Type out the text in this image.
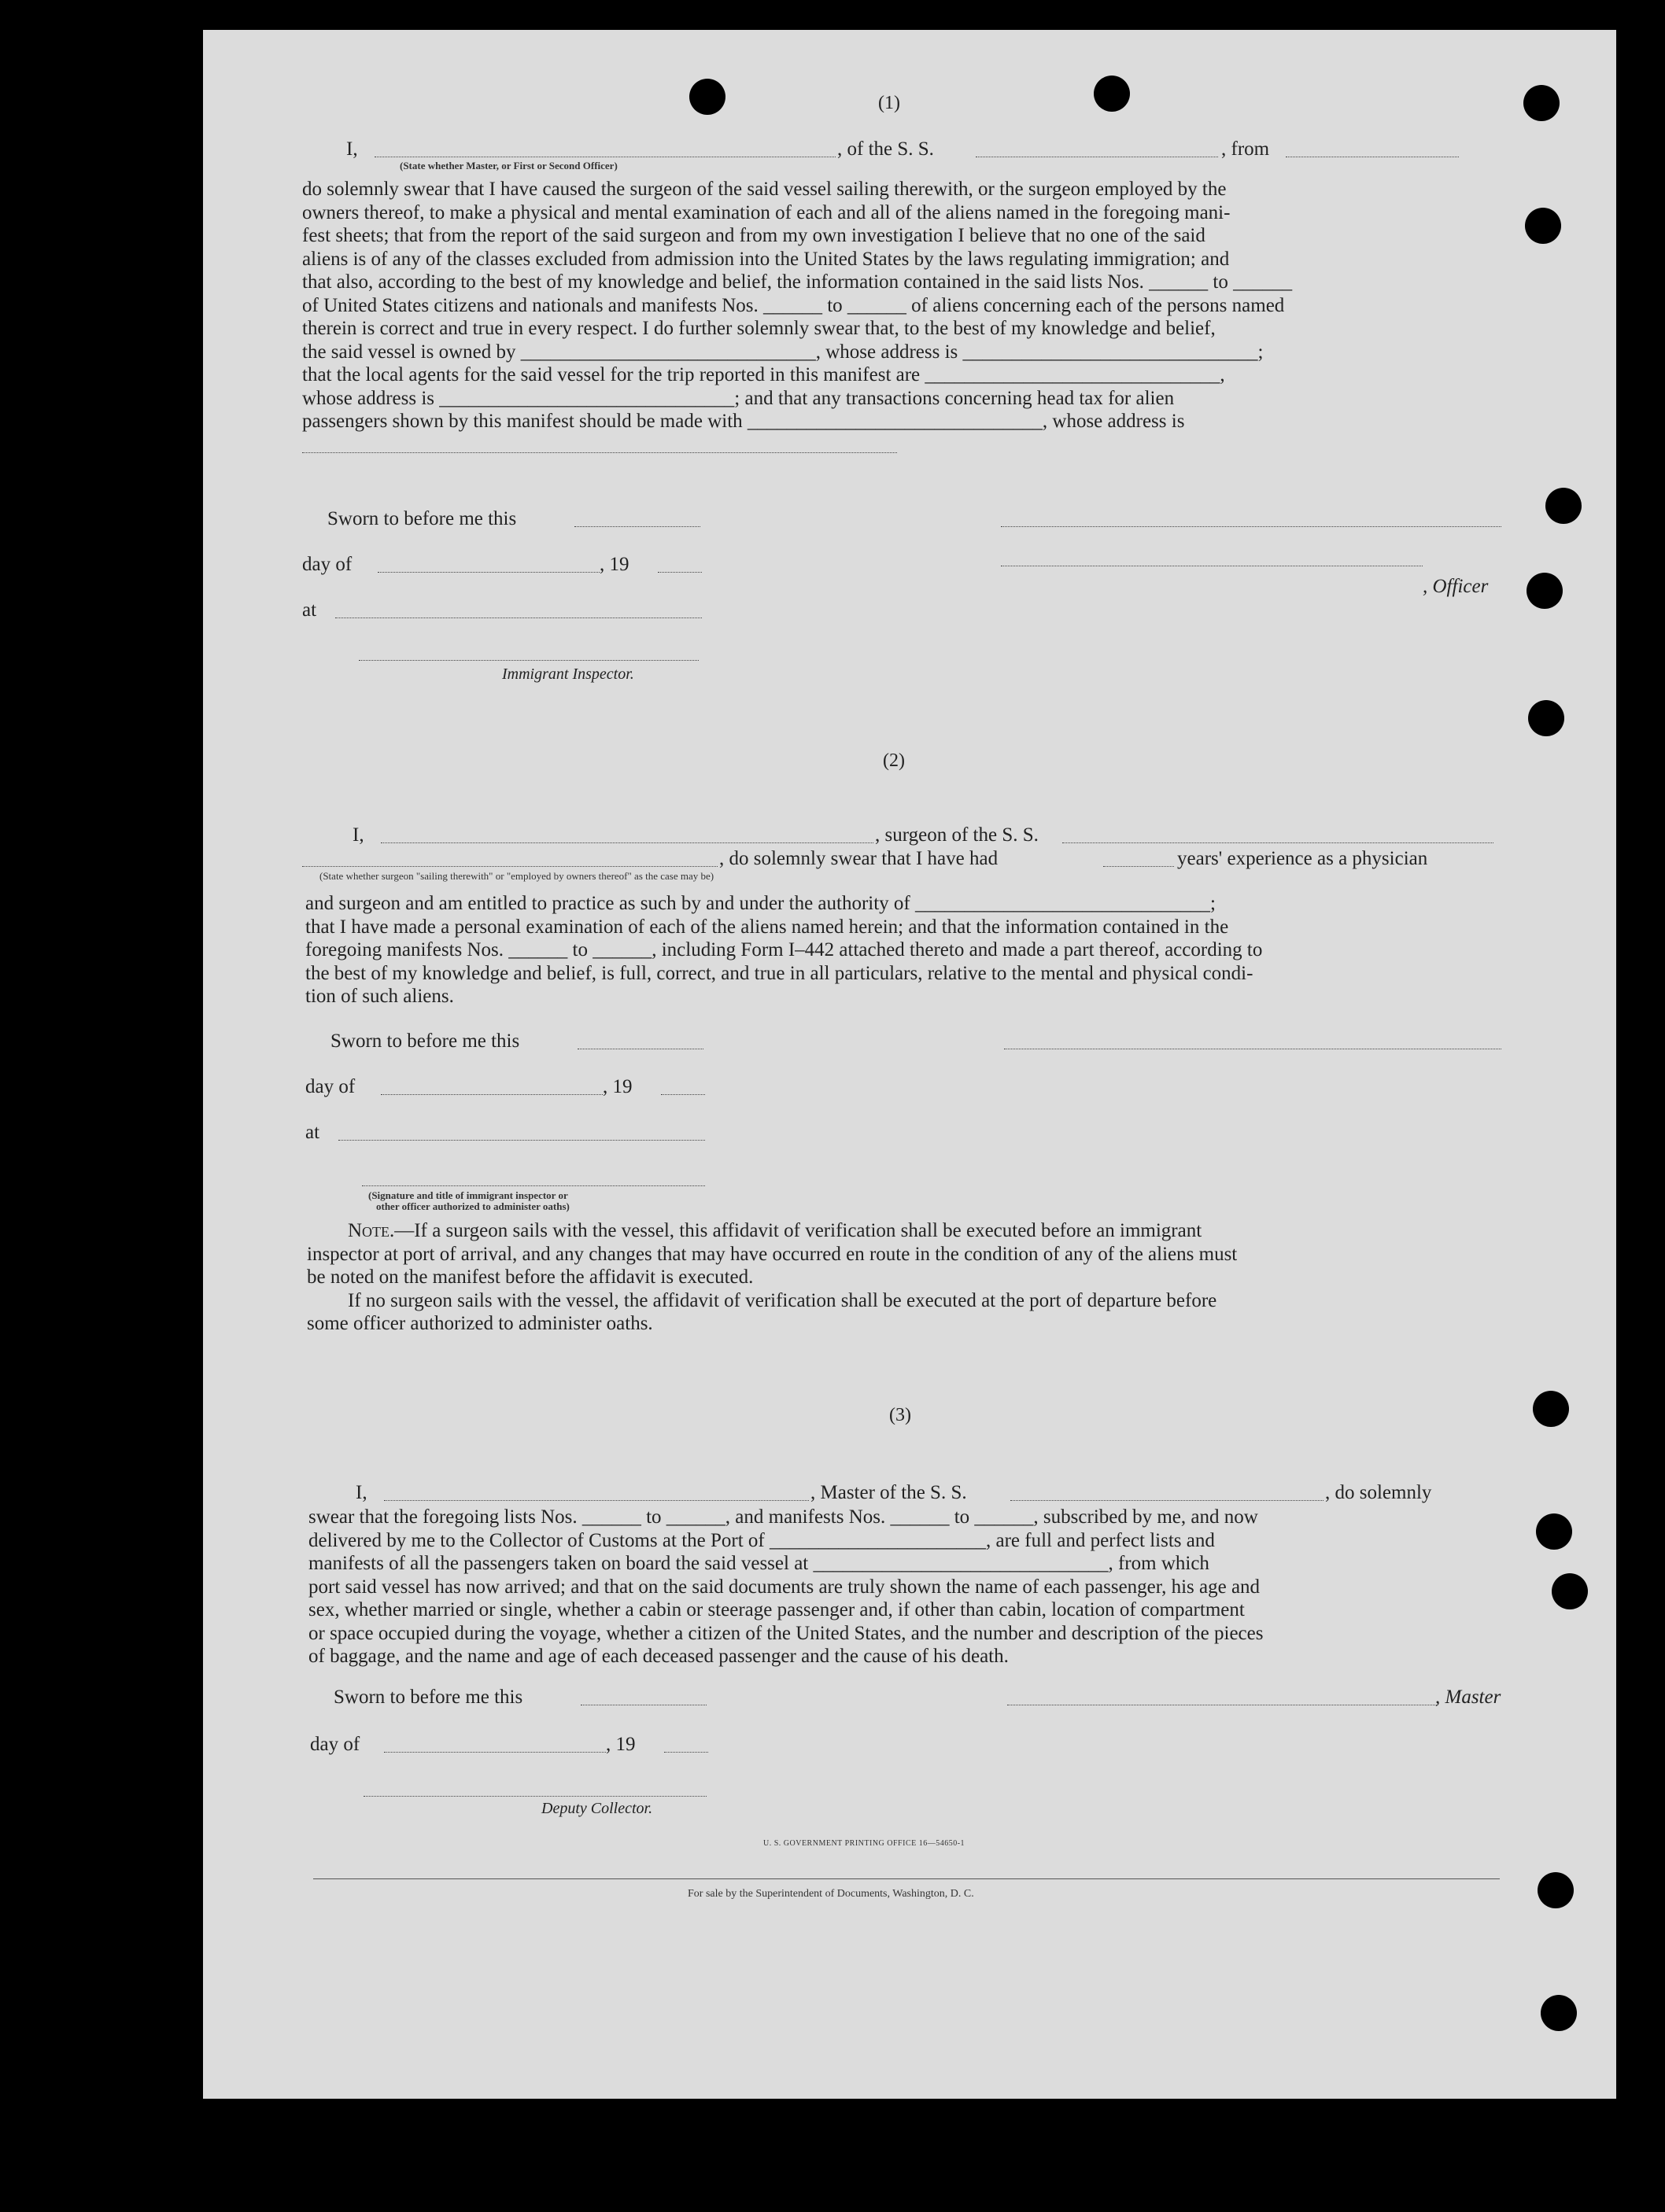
(1)
I,	, of the S. S.	, from
(State whether Master, or First or Second Officer)
do solemnly swear that I have caused the surgeon of the said vessel sailing therewith, or the surgeon employed by the
owners thereof, to make a physical and mental examination of each and all of the aliens named in the foregoing mani-
fest sheets; that from the report of the said surgeon and from my own investigation I believe that no one of the said
aliens is of any of the classes excluded from admission into the United States by the laws regulating immigration; and
that also, according to the best of my knowledge and belief, the information contained in the said lists Nos. ______ to ______
of United States citizens and nationals and manifests Nos. ______ to ______ of aliens concerning each of the persons named
therein is correct and true in every respect. I do further solemnly swear that, to the best of my knowledge and belief,
the said vessel is owned by ______________________________, whose address is ______________________________;
that the local agents for the said vessel for the trip reported in this manifest are ______________________________,
whose address is ______________________________; and that any transactions concerning head tax for alien
passengers shown by this manifest should be made with ______________________________, whose address is
Sworn to before me this
day of	, 19
, Officer
at
Immigrant Inspector.
(2)
I,	, surgeon of the S. S.
, do solemnly swear that I have had	years' experience as a physician
(State whether surgeon "sailing therewith" or "employed by owners thereof" as the case may be)
and surgeon and am entitled to practice as such by and under the authority of ______________________________;
that I have made a personal examination of each of the aliens named herein; and that the information contained in the
foregoing manifests Nos. ______ to ______, including Form I–442 attached thereto and made a part thereof, according to
the best of my knowledge and belief, is full, correct, and true in all particulars, relative to the mental and physical condi-
tion of such aliens.
Sworn to before me this
day of	, 19
at
(Signature and title of immigrant inspector or
other officer authorized to administer oaths)
Note.—If a surgeon sails with the vessel, this affidavit of verification shall be executed before an immigrant
inspector at port of arrival, and any changes that may have occurred en route in the condition of any of the aliens must
be noted on the manifest before the affidavit is executed.
If no surgeon sails with the vessel, the affidavit of verification shall be executed at the port of departure before
some officer authorized to administer oaths.
(3)
I,	, Master of the S. S.	, do solemnly
swear that the foregoing lists Nos. ______ to ______, and manifests Nos. ______ to ______, subscribed by me, and now
delivered by me to the Collector of Customs at the Port of ______________________, are full and perfect lists and
manifests of all the passengers taken on board the said vessel at ______________________________, from which
port said vessel has now arrived; and that on the said documents are truly shown the name of each passenger, his age and
sex, whether married or single, whether a cabin or steerage passenger and, if other than cabin, location of compartment
or space occupied during the voyage, whether a citizen of the United States, and the number and description of the pieces
of baggage, and the name and age of each deceased passenger and the cause of his death.
Sworn to before me this	, Master
day of	, 19
Deputy Collector.
U. S. GOVERNMENT PRINTING OFFICE 16—54650-1
For sale by the Superintendent of Documents, Washington, D. C.
